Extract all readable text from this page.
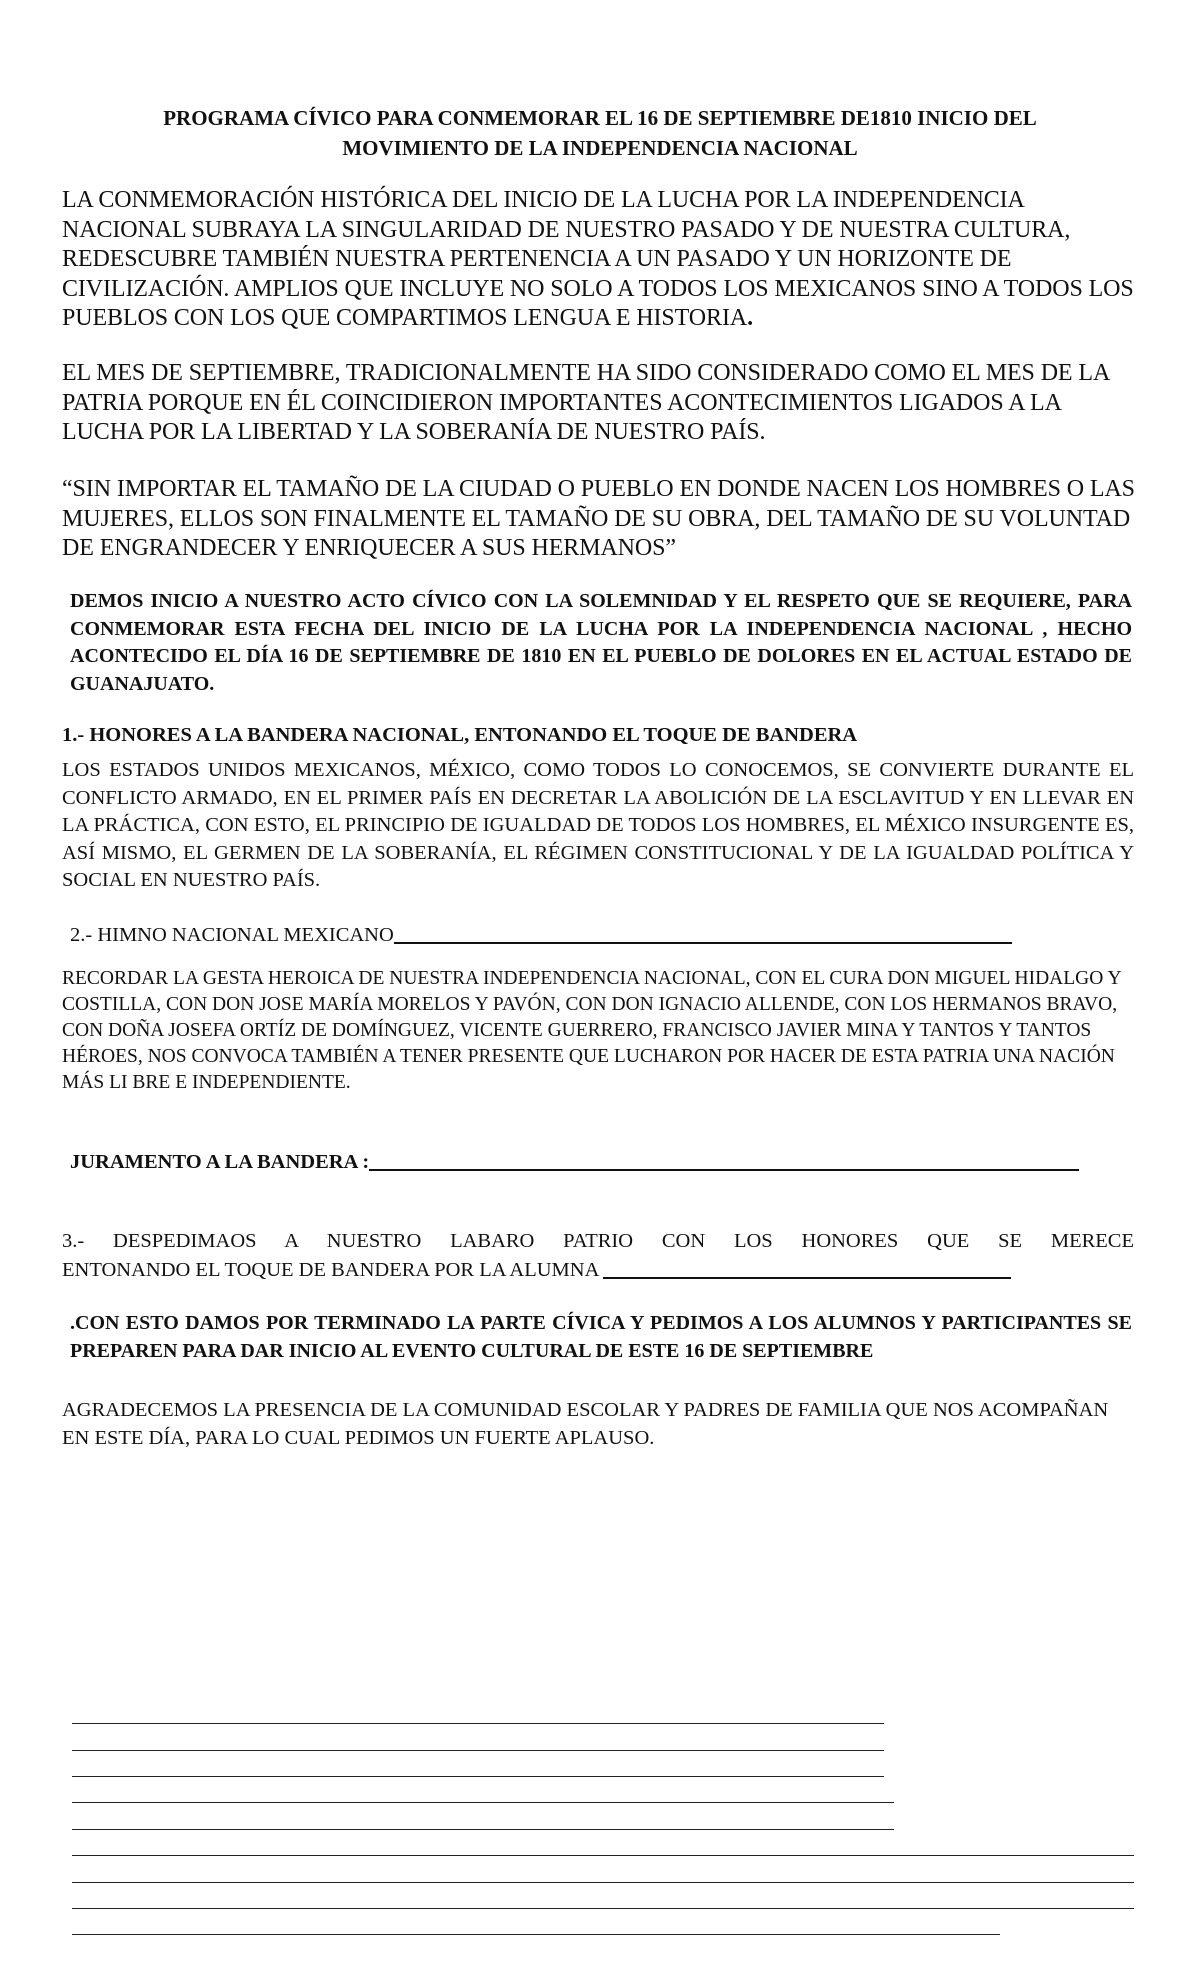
PROGRAMA CÍVICO PARA CONMEMORAR EL 16 DE SEPTIEMBRE DE1810 INICIO DEL
MOVIMIENTO DE LA INDEPENDENCIA NACIONAL
LA CONMEMORACIÓN HISTÓRICA DEL INICIO DE LA LUCHA POR LA INDEPENDENCIA NACIONAL SUBRAYA LA SINGULARIDAD DE NUESTRO PASADO Y DE NUESTRA CULTURA, REDESCUBRE TAMBIÉN NUESTRA PERTENENCIA A UN PASADO Y UN HORIZONTE DE CIVILIZACIÓN. AMPLIOS QUE INCLUYE NO SOLO A TODOS LOS MEXICANOS SINO A TODOS LOS PUEBLOS CON LOS QUE COMPARTIMOS LENGUA E HISTORIA.
EL MES DE SEPTIEMBRE, TRADICIONALMENTE HA SIDO CONSIDERADO COMO EL MES DE LA PATRIA PORQUE EN ÉL COINCIDIERON IMPORTANTES ACONTECIMIENTOS LIGADOS A LA LUCHA POR LA LIBERTAD Y LA SOBERANÍA DE NUESTRO PAÍS.
“SIN IMPORTAR EL TAMAÑO DE LA CIUDAD O PUEBLO EN DONDE NACEN LOS HOMBRES O LAS MUJERES, ELLOS SON FINALMENTE EL TAMAÑO DE SU OBRA, DEL TAMAÑO DE SU VOLUNTAD DE ENGRANDECER Y ENRIQUECER A SUS HERMANOS”
DEMOS INICIO A NUESTRO ACTO CÍVICO CON LA SOLEMNIDAD Y EL RESPETO QUE SE REQUIERE, PARA CONMEMORAR ESTA FECHA DEL INICIO DE LA LUCHA POR LA INDEPENDENCIA NACIONAL , HECHO ACONTECIDO EL DÍA 16 DE SEPTIEMBRE DE 1810 EN EL PUEBLO DE DOLORES EN EL ACTUAL ESTADO DE GUANAJUATO.
1.- HONORES A LA BANDERA NACIONAL, ENTONANDO EL TOQUE DE BANDERA
LOS ESTADOS UNIDOS MEXICANOS, MÉXICO, COMO TODOS LO CONOCEMOS, SE CONVIERTE DURANTE EL CONFLICTO ARMADO, EN EL PRIMER PAÍS EN DECRETAR LA ABOLICIÓN DE LA ESCLAVITUD Y EN LLEVAR EN LA PRÁCTICA, CON ESTO, EL PRINCIPIO DE IGUALDAD DE TODOS LOS HOMBRES, EL MÉXICO INSURGENTE ES, ASÍ MISMO, EL GERMEN DE LA SOBERANÍA, EL RÉGIMEN CONSTITUCIONAL Y DE LA IGUALDAD POLÍTICA Y SOCIAL EN NUESTRO PAÍS.
2.- HIMNO NACIONAL MEXICANO
RECORDAR LA GESTA HEROICA DE NUESTRA INDEPENDENCIA NACIONAL, CON EL CURA DON MIGUEL HIDALGO Y COSTILLA, CON DON JOSE MARÍA MORELOS Y PAVÓN, CON DON IGNACIO ALLENDE, CON LOS HERMANOS BRAVO, CON DOÑA JOSEFA ORTÍZ DE DOMÍNGUEZ, VICENTE GUERRERO, FRANCISCO JAVIER MINA Y TANTOS Y TANTOS HÉROES, NOS CONVOCA TAMBIÉN A TENER PRESENTE QUE LUCHARON POR HACER DE ESTA PATRIA UNA NACIÓN MÁS LI BRE E INDEPENDIENTE.
JURAMENTO A LA BANDERA :
3.- DESPEDIMAOS A NUESTRO LABARO PATRIO CON LOS HONORES QUE SE MERECE
ENTONANDO EL TOQUE DE BANDERA POR LA ALUMNA
.CON ESTO DAMOS POR TERMINADO LA PARTE CÍVICA Y PEDIMOS A LOS ALUMNOS Y PARTICIPANTES SE PREPAREN PARA DAR INICIO AL EVENTO CULTURAL DE ESTE 16 DE SEPTIEMBRE
AGRADECEMOS LA PRESENCIA DE LA COMUNIDAD ESCOLAR Y PADRES DE FAMILIA QUE NOS ACOMPAÑAN EN ESTE DÍA, PARA LO CUAL PEDIMOS UN FUERTE APLAUSO.
